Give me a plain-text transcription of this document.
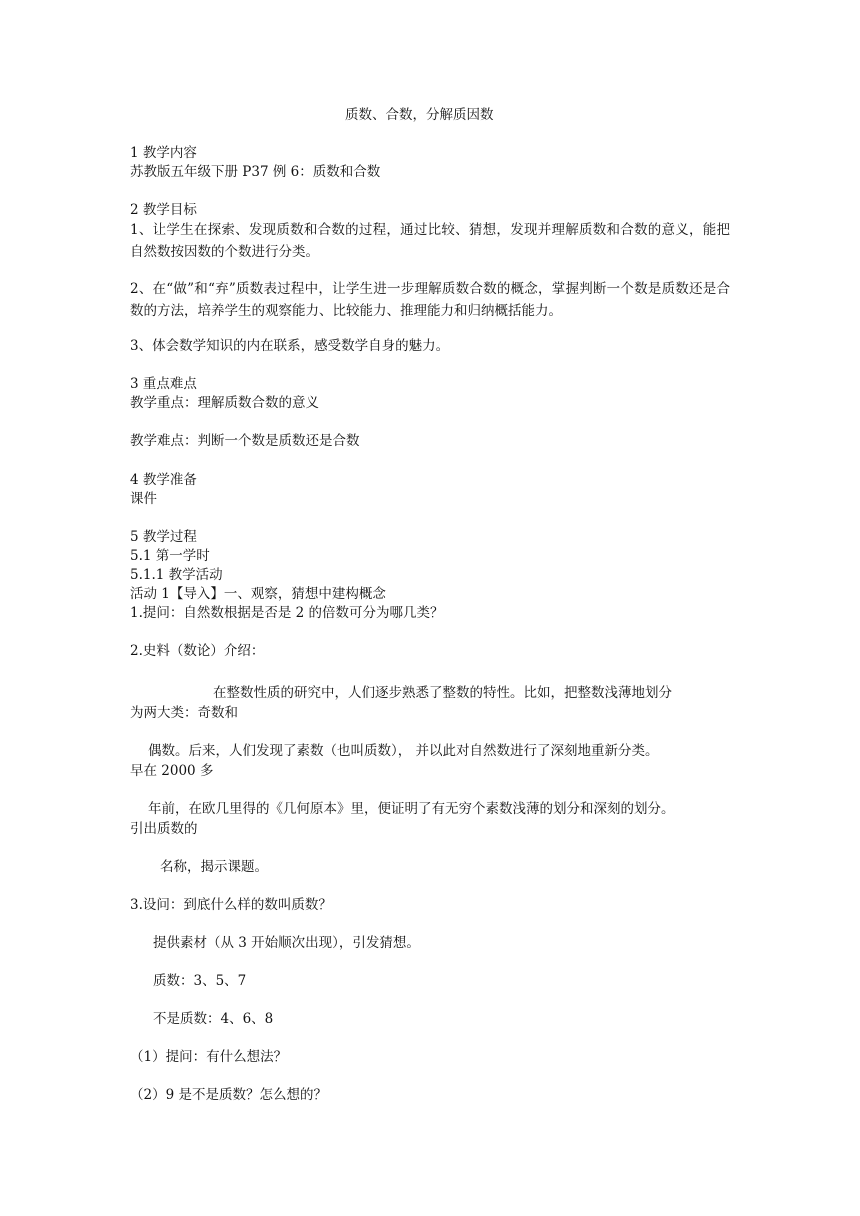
质数、合数，分解质因数
1 教学内容
苏教版五年级下册 P37 例 6：质数和合数
2 教学目标
1、让学生在探索、发现质数和合数的过程，通过比较、猜想，发现并理解质数和合数的意义，能把自然数按因数的个数进行分类。
2、在“做”和“弃”质数表过程中，让学生进一步理解质数合数的概念，掌握判断一个数是质数还是合数的方法，培养学生的观察能力、比较能力、推理能力和归纳概括能力。
3、体会数学知识的内在联系，感受数学自身的魅力。
3 重点难点
教学重点：理解质数合数的意义
教学难点：判断一个数是质数还是合数
4 教学准备
课件
5 教学过程
5.1 第一学时
5.1.1 教学活动
活动 1【导入】一、观察，猜想中建构概念
1.提问：自然数根据是否是 2 的倍数可分为哪几类？
2.史料（数论）介绍：
在整数性质的研究中，人们逐步熟悉了整数的特性。比如，把整数浅薄地划分
为两大类：奇数和
偶数。后来，人们发现了素数（也叫质数）， 并以此对自然数进行了深刻地重新分类。
早在 2000 多
年前，在欧几里得的《几何原本》里，便证明了有无穷个素数浅薄的划分和深刻的划分。
引出质数的
名称，揭示课题。
3.设问：到底什么样的数叫质数？
提供素材（从 3 开始顺次出现），引发猜想。
质数：3、5、7
不是质数：4、6、8
（1）提问：有什么想法？
（2）9 是不是质数？怎么想的？
